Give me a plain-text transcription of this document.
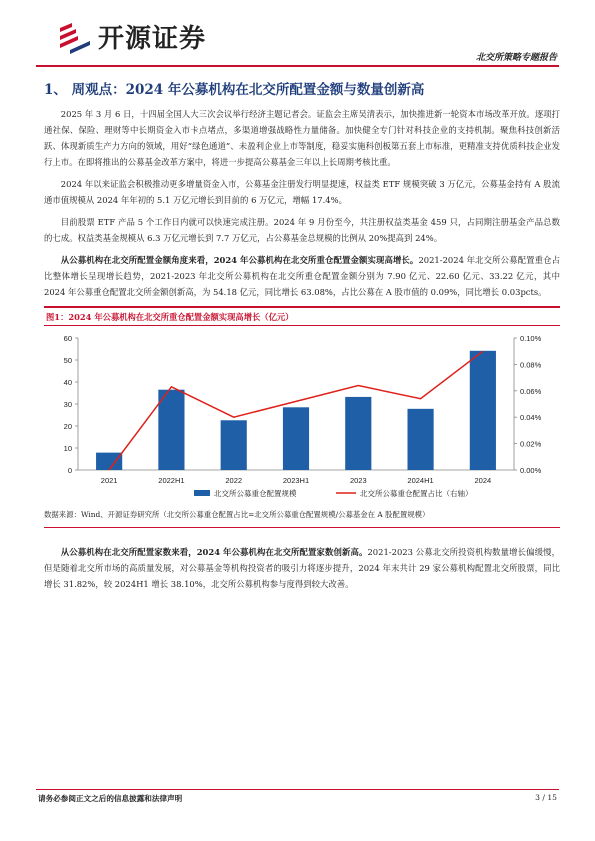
开源证券
北交所策略专题报告
1、 周观点：2024 年公募机构在北交所配置金额与数量创新高

2025 年 3 月 6 日，十四届全国人大三次会议举行经济主题记者会。证监会主席吴清表示，加快推进新一轮资本市场改革开放。逐项打通社保、保险、理财等中长期资金入市卡点堵点，多渠道增强战略性力量储备。加快健全专门针对科技企业的支持机制。聚焦科技创新活跃、体现新质生产力方向的领域，用好“绿色通道”、未盈利企业上市等制度，稳妥实施科创板第五套上市标准，更精准支持优质科技企业发行上市。在即将推出的公募基金改革方案中，将进一步提高公募基金三年以上长周期考核比重。

2024 年以来证监会积极推动更多增量资金入市，公募基金注册发行明显提速，权益类 ETF 规模突破 3 万亿元，公募基金持有 A 股流通市值规模从 2024 年年初的 5.1 万亿元增长到目前的 6 万亿元，增幅 17.4%。

目前股票 ETF 产品 5 个工作日内就可以快速完成注册。2024 年 9 月份至今，共注册权益类基金 459 只，占同期注册基金产品总数的七成。权益类基金规模从 6.3 万亿元增长到 7.7 万亿元，占公募基金总规模的比例从 20%提高到 24%。

从公募机构在北交所配置金额角度来看，2024 年公募机构在北交所重仓配置金额实现高增长。2021-2024 年北交所公募配置重仓占比整体增长呈现增长趋势，2021-2023 年北交所公募机构在北交所重仓配置金额分别为 7.90 亿元、22.60 亿元、33.22 亿元，其中 2024 年公募重仓配置北交所金额创新高，为 54.18 亿元，同比增长 63.08%，占比公募在 A 股市值的 0.09%，同比增长 0.03pcts。

图1：2024 年公募机构在北交所重仓配置金额实现高增长（亿元）
0
10
20
30
40
50
60
0.00%
0.02%
0.04%
0.06%
0.08%
0.10%
2021	2022H1	2022	2023H1	2023	2024H1	2024
北交所公募重仓配置规模	北交所公募重仓配置占比（右轴）
数据来源：Wind、开源证券研究所（北交所公募重仓配置占比=北交所公募重仓配置规模/公募基金在 A 股配置规模）

从公募机构在北交所配置家数来看，2024 年公募机构在北交所配置家数创新高。2021-2023 公募北交所投资机构数量增长偏缓慢，但是随着北交所市场的高质量发展，对公募基金等机构投资者的吸引力将逐步提升，2024 年末共计 29 家公募机构配置北交所股票，同比增长 31.82%，较 2024H1 增长 38.10%，北交所公募机构参与度得到较大改善。

请务必参阅正文之后的信息披露和法律声明	3 / 15
